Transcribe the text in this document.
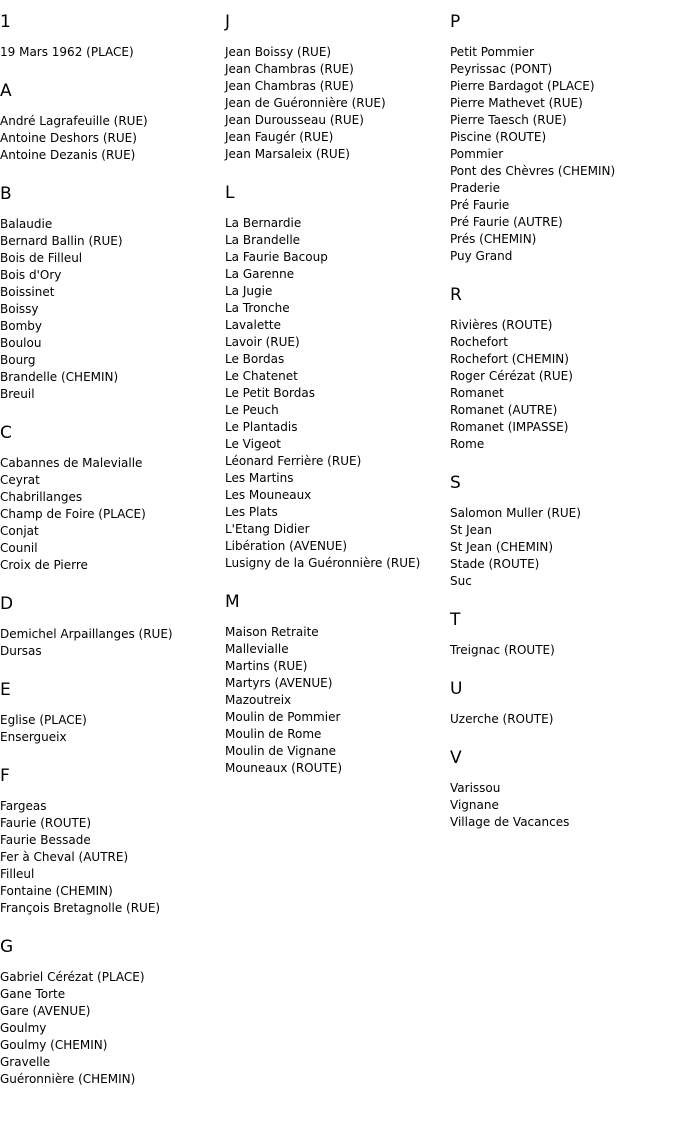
1
19 Mars 1962 (PLACE)
A
André Lagrafeuille (RUE)
Antoine Deshors (RUE)
Antoine Dezanis (RUE)
B
Balaudie
Bernard Ballin (RUE)
Bois de Filleul
Bois d'Ory
Boissinet
Boissy
Bomby
Boulou
Bourg
Brandelle (CHEMIN)
Breuil
C
Cabannes de Malevialle
Ceyrat
Chabrillanges
Champ de Foire (PLACE)
Conjat
Counil
Croix de Pierre
D
Demichel Arpaillanges (RUE)
Dursas
E
Eglise (PLACE)
Ensergueix
F
Fargeas
Faurie (ROUTE)
Faurie Bessade
Fer à Cheval (AUTRE)
Filleul
Fontaine (CHEMIN)
François Bretagnolle (RUE)
G
Gabriel Cérézat (PLACE)
Gane Torte
Gare (AVENUE)
Goulmy
Goulmy (CHEMIN)
Gravelle
Guéronnière (CHEMIN)
J
Jean Boissy (RUE)
Jean Chambras (RUE)
Jean Chambras (RUE)
Jean de Guéronnière (RUE)
Jean Durousseau (RUE)
Jean Faugér (RUE)
Jean Marsaleix (RUE)
L
La Bernardie
La Brandelle
La Faurie Bacoup
La Garenne
La Jugie
La Tronche
Lavalette
Lavoir (RUE)
Le Bordas
Le Chatenet
Le Petit Bordas
Le Peuch
Le Plantadis
Le Vigeot
Léonard Ferrière (RUE)
Les Martins
Les Mouneaux
Les Plats
L'Etang Didier
Libération (AVENUE)
Lusigny de la Guéronnière (RUE)
M
Maison Retraite
Mallevialle
Martins (RUE)
Martyrs (AVENUE)
Mazoutreix
Moulin de Pommier
Moulin de Rome
Moulin de Vignane
Mouneaux (ROUTE)
P
Petit Pommier
Peyrissac (PONT)
Pierre Bardagot (PLACE)
Pierre Mathevet (RUE)
Pierre Taesch (RUE)
Piscine (ROUTE)
Pommier
Pont des Chèvres (CHEMIN)
Praderie
Pré Faurie
Pré Faurie (AUTRE)
Prés (CHEMIN)
Puy Grand
R
Rivières (ROUTE)
Rochefort
Rochefort (CHEMIN)
Roger Cérézat (RUE)
Romanet
Romanet (AUTRE)
Romanet (IMPASSE)
Rome
S
Salomon Muller (RUE)
St Jean
St Jean (CHEMIN)
Stade (ROUTE)
Suc
T
Treignac (ROUTE)
U
Uzerche (ROUTE)
V
Varissou
Vignane
Village de Vacances
